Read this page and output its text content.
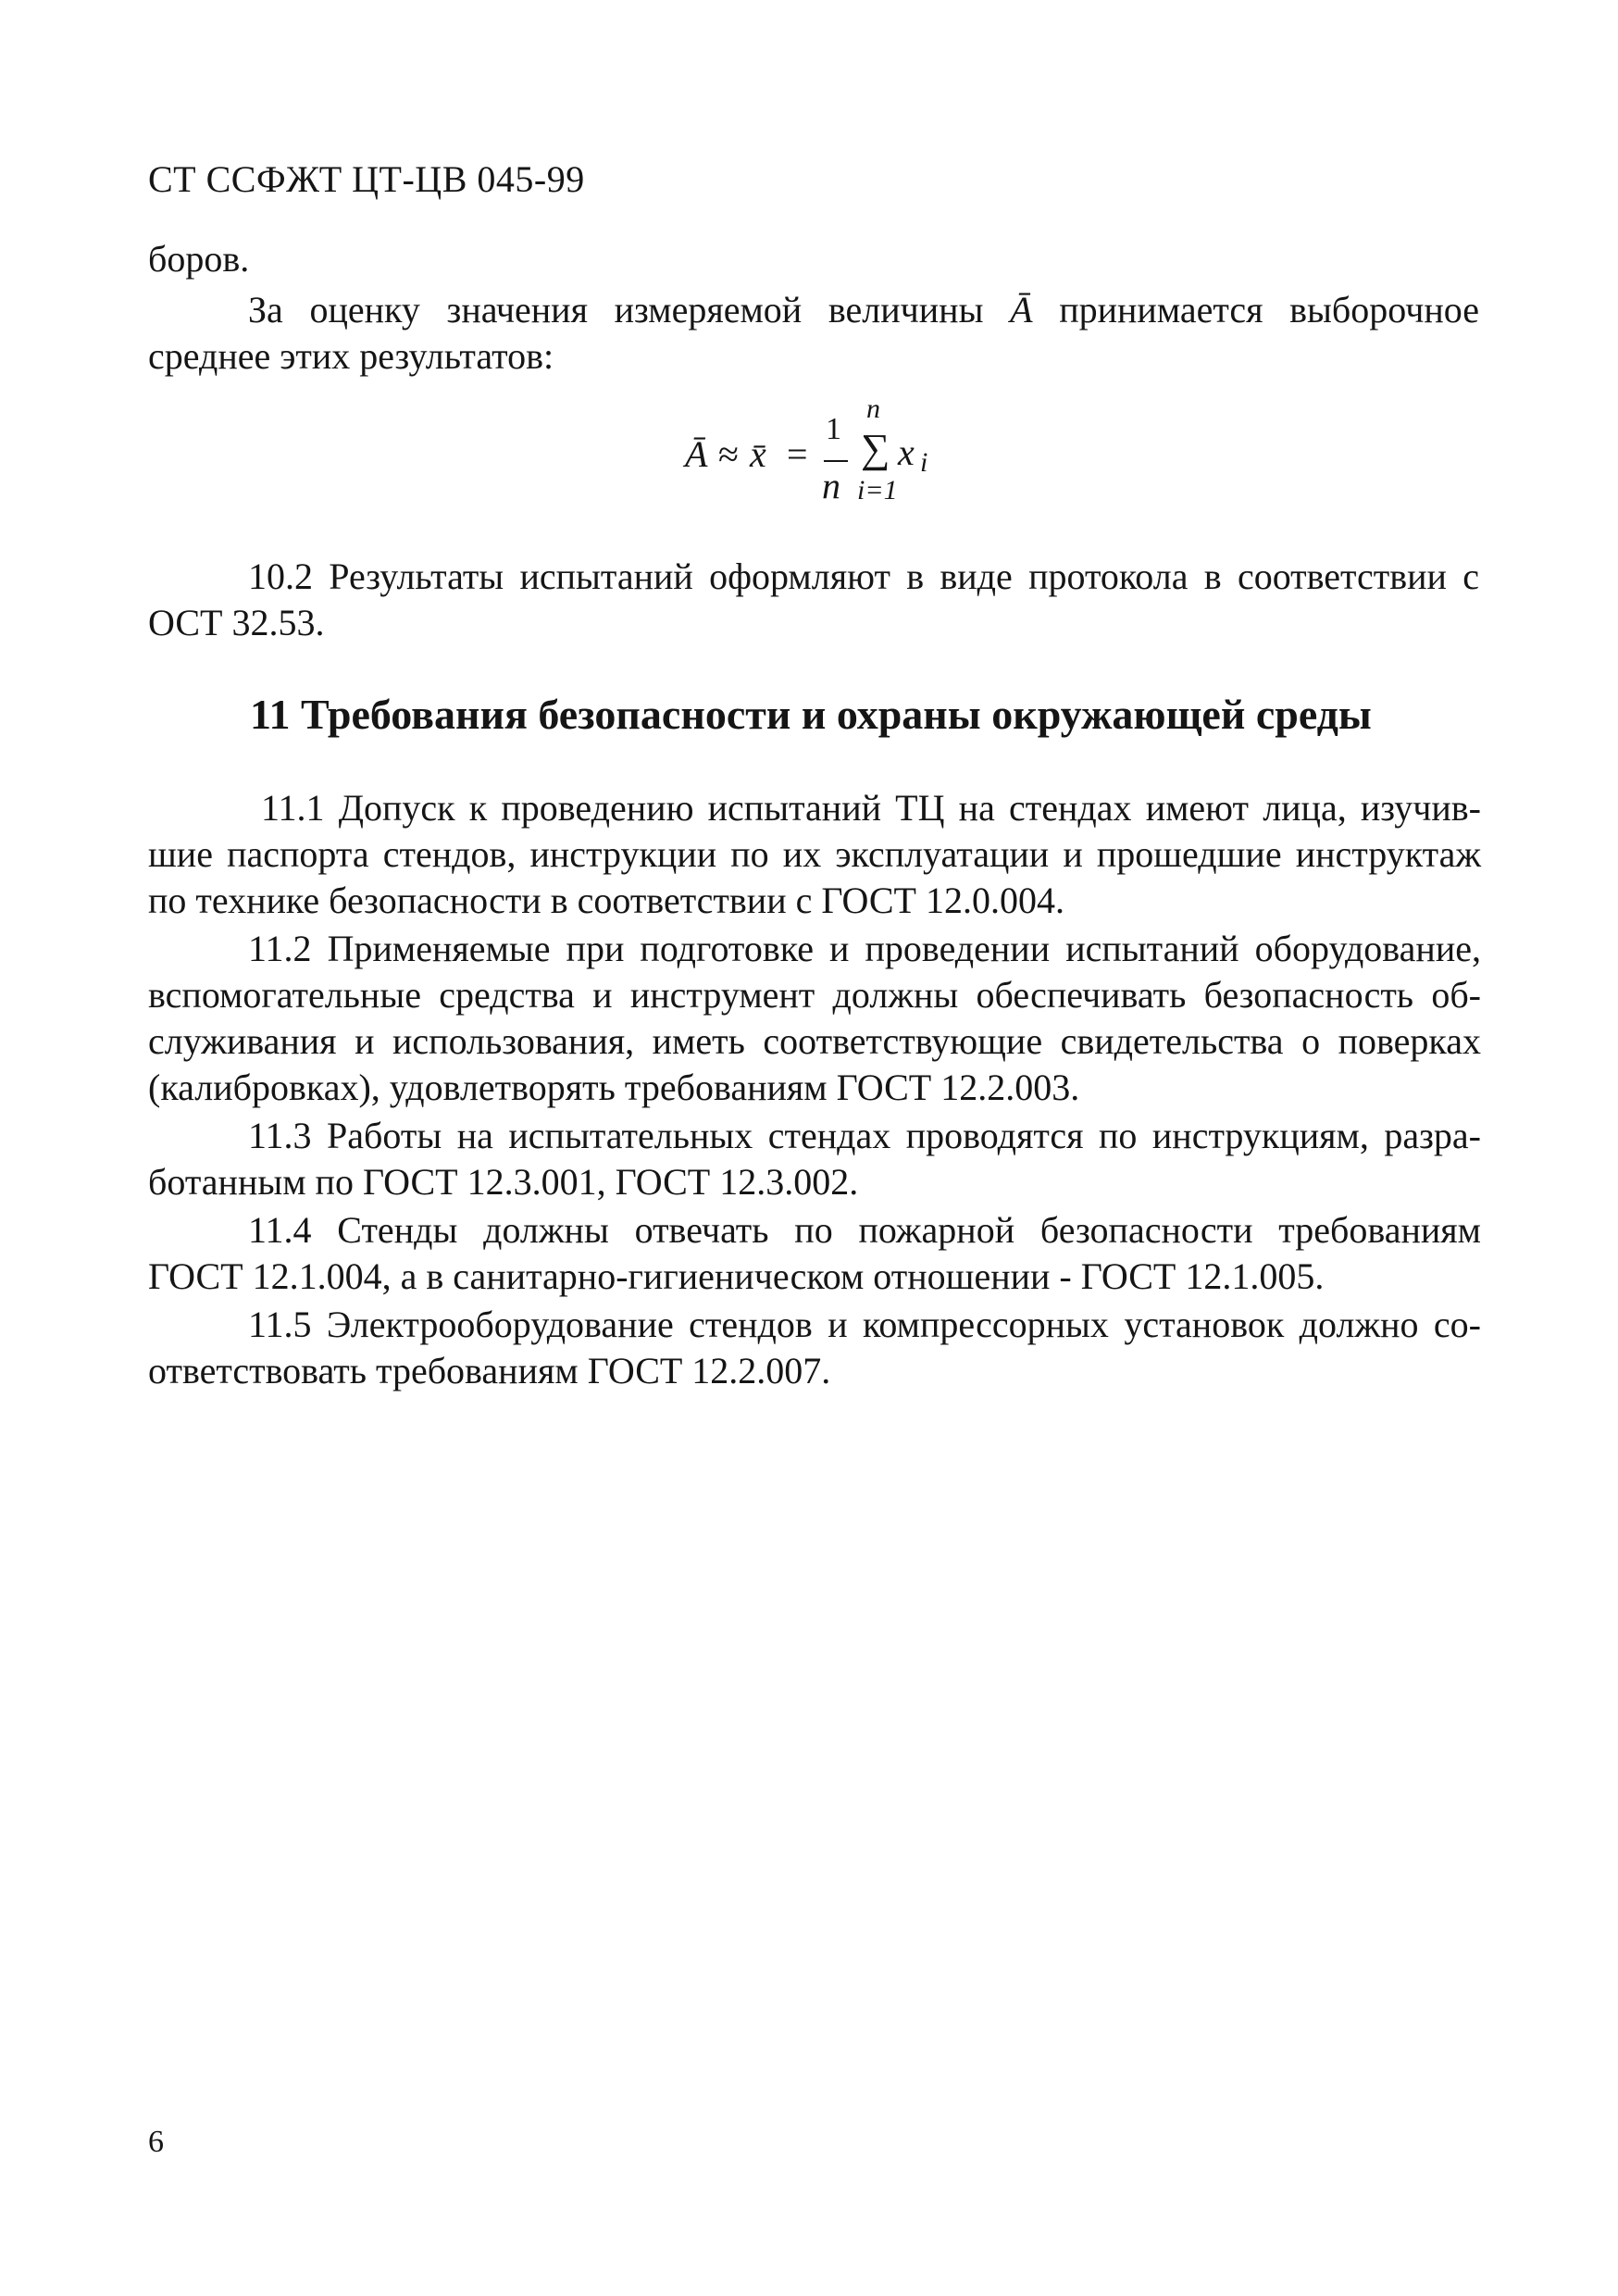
СТ ССФЖТ ЦТ-ЦВ 045-99
боров.
За оценку значения измеряемой величины Ā принимается выборочное
среднее этих результатов:
Ā ≈ x̄ =
1
n
n
∑
i=1
x i
10.2 Результаты испытаний оформляют в виде протокола в соответствии с
ОСТ 32.53.
11 Требования безопасности и охраны окружающей среды
11.1 Допуск к проведению испытаний ТЦ на стендах имеют лица, изучив-
шие паспорта стендов, инструкции по их эксплуатации и прошедшие инструктаж
по технике безопасности в соответствии с ГОСТ 12.0.004.
11.2 Применяемые при подготовке и проведении испытаний оборудование,
вспомогательные средства и инструмент должны обеспечивать безопасность об-
служивания и использования, иметь соответствующие свидетельства о поверках
(калибровках), удовлетворять требованиям ГОСТ 12.2.003.
11.3 Работы на испытательных стендах проводятся по инструкциям, разра-
ботанным по ГОСТ 12.3.001, ГОСТ 12.3.002.
11.4 Стенды должны отвечать по пожарной безопасности требованиям
ГОСТ 12.1.004, а в санитарно-гигиеническом отношении - ГОСТ 12.1.005.
11.5 Электрооборудование стендов и компрессорных установок должно со-
ответствовать требованиям ГОСТ 12.2.007.
6
